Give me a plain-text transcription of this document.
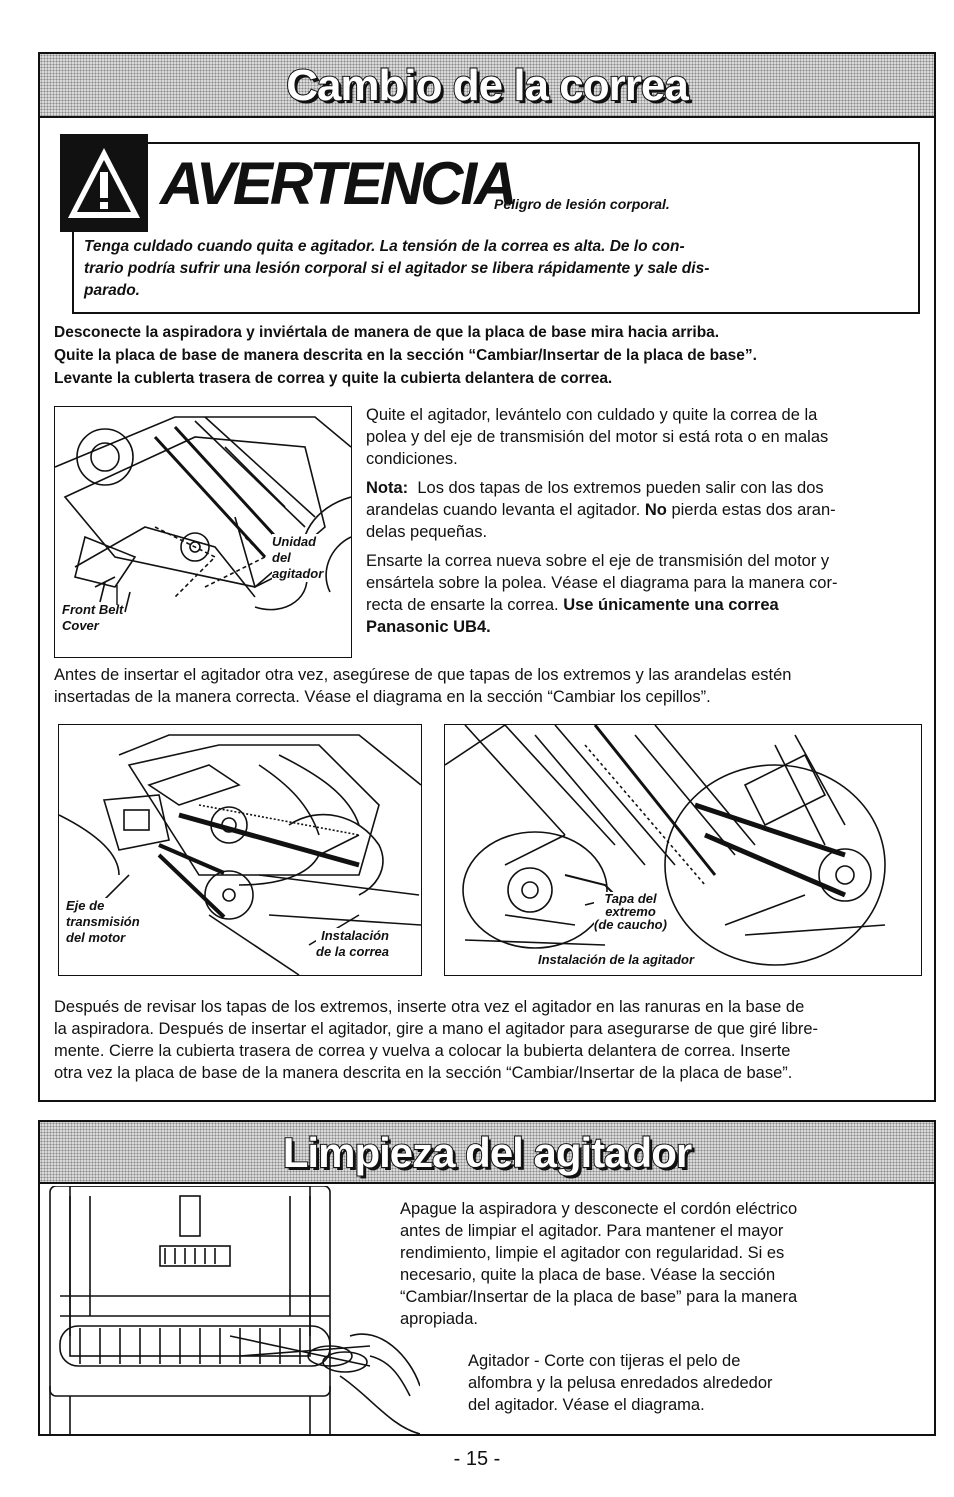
Cambio de la correa
AVERTENCIA
Peligro de lesión corporal.
Tenga culdado cuando quita e agitador. La tensión de la correa es alta. De lo con-
trario podría sufrir una lesión corporal si el agitador se libera rápidamente y sale dis-
parado.
Desconecte la aspiradora y inviértala de manera de que la placa de base mira hacia arriba.
Quite la placa de base de manera descrita en la sección “Cambiar/Insertar de la placa de base”.
Levante la cublerta trasera de correa y quite la cubierta delantera de correa.
Front Belt
Cover
Unidad
del
agitador
Quite el agitador, levántelo con culdado y quite la correa de la
polea y del eje de transmisión del motor si está rota o en malas
condiciones.
Nota: Los dos tapas de los extremos pueden salir con las dos
arandelas cuando levanta el agitador. No pierda estas dos aran-
delas pequeñas.
Ensarte la correa nueva sobre el eje de transmisión del motor y
ensártela sobre la polea. Véase el diagrama para la manera cor-
recta de ensarte la correa. Use únicamente una correa
Panasonic UB4.
Antes de insertar el agitador otra vez, asegúrese de que tapas de los extremos y las arandelas estén
insertadas de la manera correcta. Véase el diagrama en la sección “Cambiar los cepillos”.
Eje de
transmisión
del motor	Instalación
de la correa
Tapa del
extremo
(de caucho)
Instalación de la agitador
Después de revisar los tapas de los extremos, inserte otra vez el agitador en las ranuras en la base de
la aspiradora. Después de insertar el agitador, gire a mano el agitador para asegurarse de que giré libre-
mente. Cierre la cubierta trasera de correa y vuelva a colocar la bubierta delantera de correa. Inserte
otra vez la placa de base de la manera descrita en la sección “Cambiar/Insertar de la placa de base”.
Limpieza del agitador
Apague la aspiradora y desconecte el cordón eléctrico
antes de limpiar el agitador. Para mantener el mayor
rendimiento, limpie el agitador con regularidad. Si es
necesario, quite la placa de base. Véase la sección
“Cambiar/Insertar de la placa de base” para la manera
apropiada.
Agitador - Corte con tijeras el pelo de
alfombra y la pelusa enredados alrededor
del agitador. Véase el diagrama.
- 15 -
